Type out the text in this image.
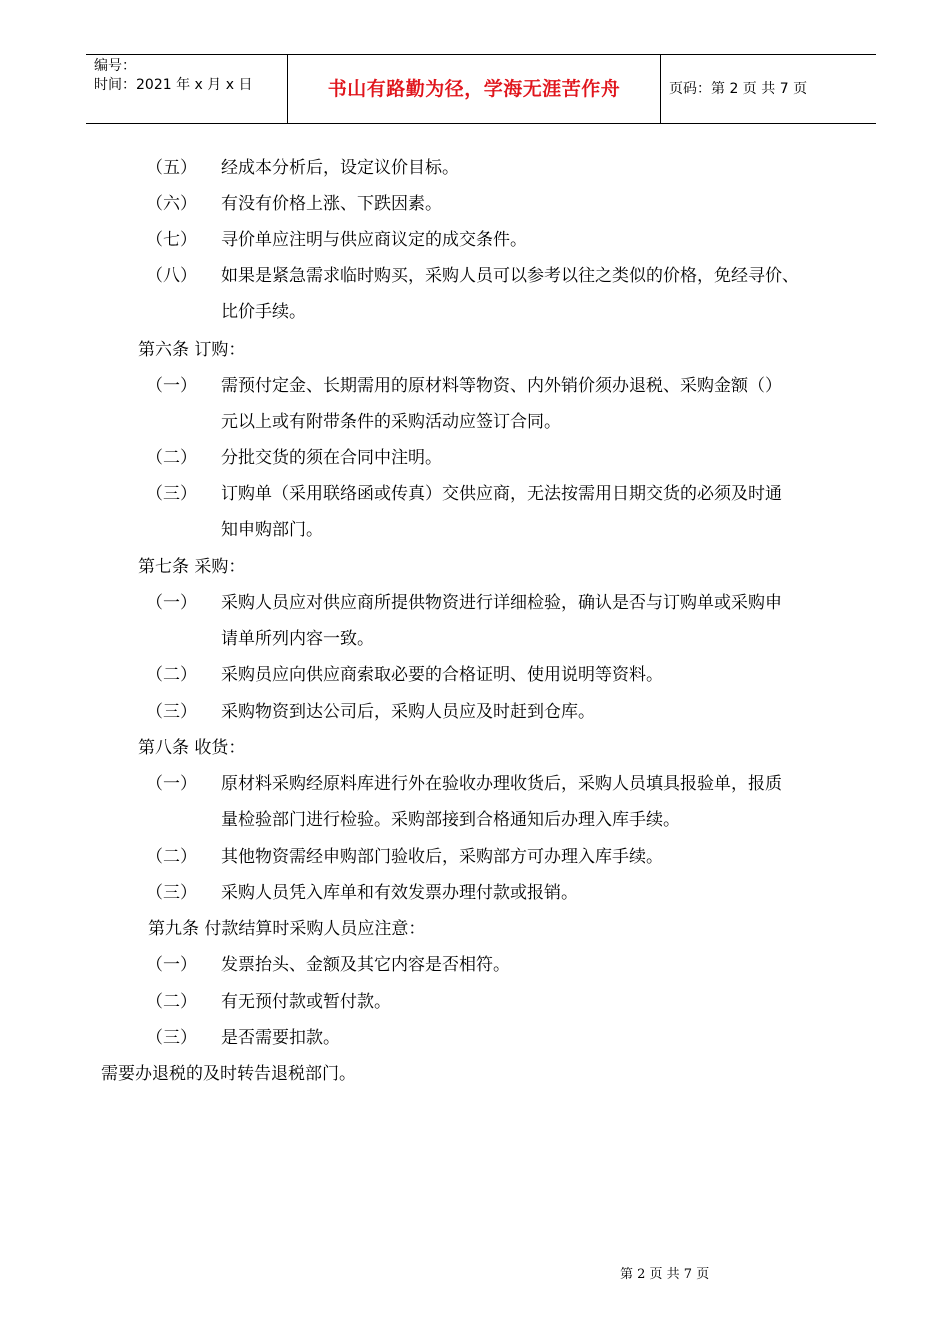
编号：
时间：2021 年 x 月 x 日	书山有路勤为径，学海无涯苦作舟	页码：第 2 页 共 7 页
（五） 经成本分析后，设定议价目标。
（六） 有没有价格上涨、下跌因素。
（七） 寻价单应注明与供应商议定的成交条件。
（八） 如果是紧急需求临时购买，采购人员可以参考以往之类似的价格，免经寻价、
比价手续。
第六条 订购：
（一） 需预付定金、长期需用的原材料等物资、内外销价须办退税、采购金额（）
元以上或有附带条件的采购活动应签订合同。
（二） 分批交货的须在合同中注明。
（三） 订购单（采用联络函或传真）交供应商，无法按需用日期交货的必须及时通
知申购部门。
第七条 采购：
（一） 采购人员应对供应商所提供物资进行详细检验，确认是否与订购单或采购申
请单所列内容一致。
（二） 采购员应向供应商索取必要的合格证明、使用说明等资料。
（三） 采购物资到达公司后，采购人员应及时赶到仓库。
第八条 收货：
（一） 原材料采购经原料库进行外在验收办理收货后，采购人员填具报验单，报质
量检验部门进行检验。采购部接到合格通知后办理入库手续。
（二） 其他物资需经申购部门验收后，采购部方可办理入库手续。
（三） 采购人员凭入库单和有效发票办理付款或报销。
第九条 付款结算时采购人员应注意：
（一） 发票抬头、金额及其它内容是否相符。
（二） 有无预付款或暂付款。
（三） 是否需要扣款。
需要办退税的及时转告退税部门。
第 2 页 共 7 页
